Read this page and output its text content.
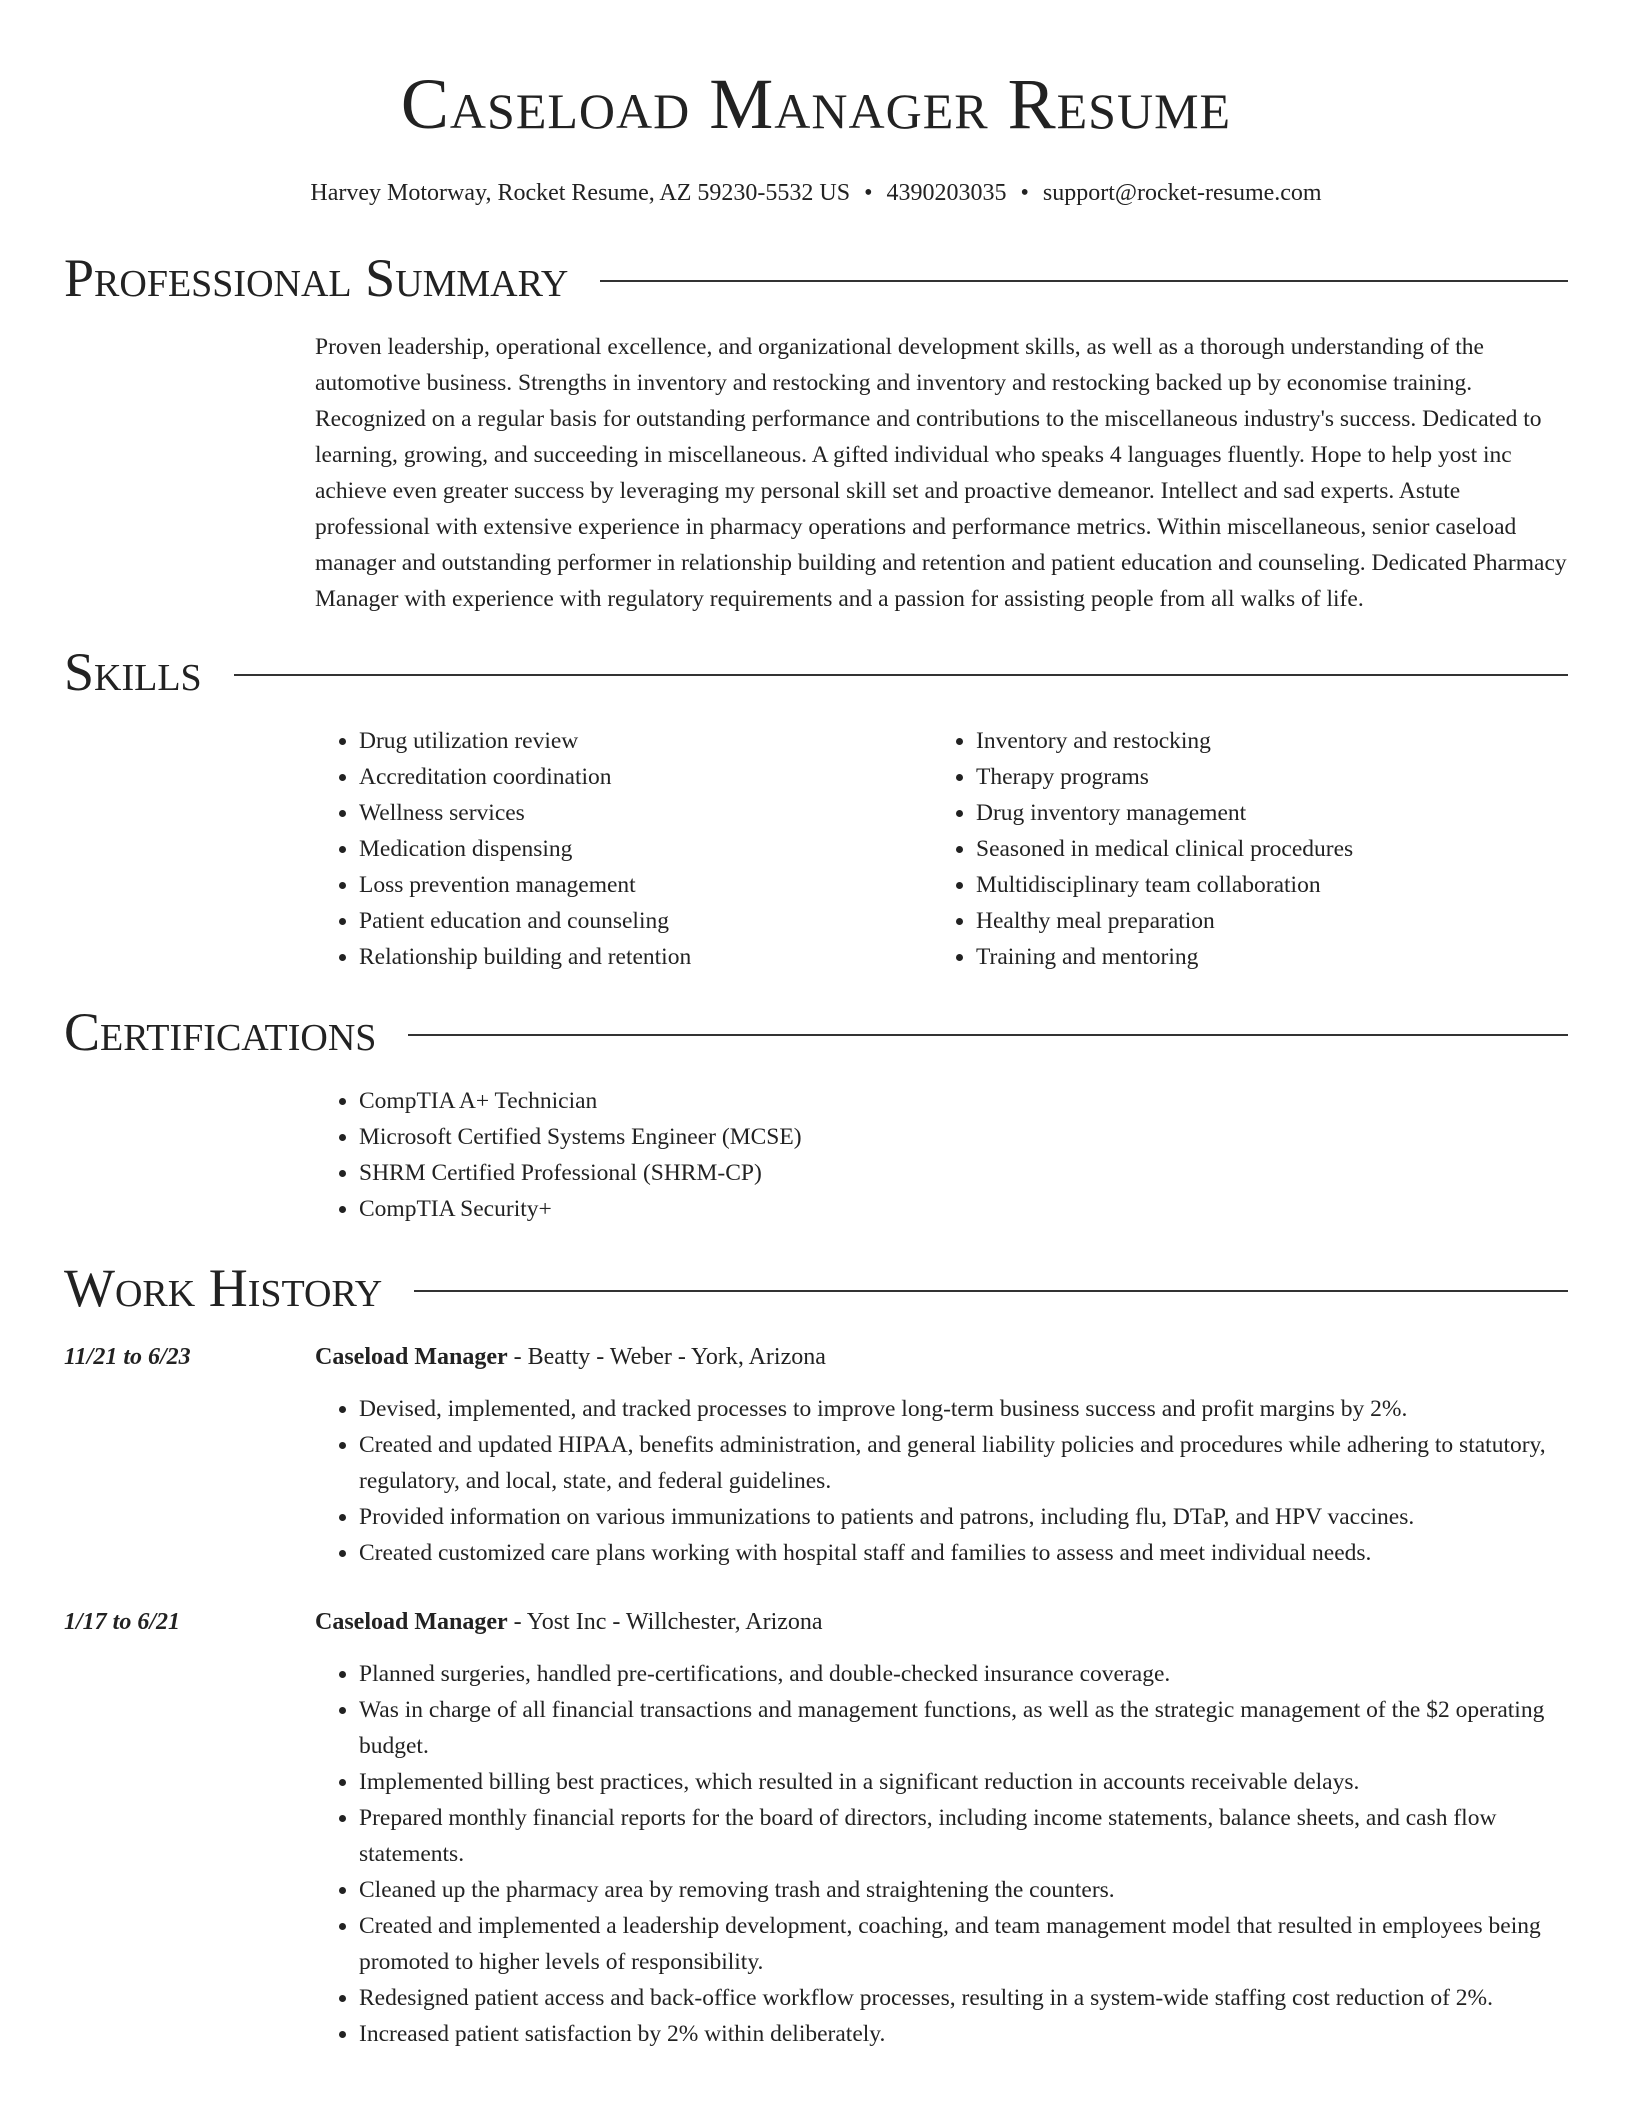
Caseload Manager Resume
Harvey Motorway, Rocket Resume, AZ 59230-5532 US • 4390203035 • support@rocket-resume.com
Professional Summary

Proven leadership, operational excellence, and organizational development skills, as well as a thorough understanding of the automotive business. Strengths in inventory and restocking and inventory and restocking backed up by economise training. Recognized on a regular basis for outstanding performance and contributions to the miscellaneous industry's success. Dedicated to learning, growing, and succeeding in miscellaneous. A gifted individual who speaks 4 languages fluently. Hope to help yost inc achieve even greater success by leveraging my personal skill set and proactive demeanor. Intellect and sad experts. Astute professional with extensive experience in pharmacy operations and performance metrics. Within miscellaneous, senior caseload manager and outstanding performer in relationship building and retention and patient education and counseling. Dedicated Pharmacy Manager with experience with regulatory requirements and a passion for assisting people from all walks of life.

Skills
• Drug utilization review
• Accreditation coordination
• Wellness services
• Medication dispensing
• Loss prevention management
• Patient education and counseling
• Relationship building and retention
• Inventory and restocking
• Therapy programs
• Drug inventory management
• Seasoned in medical clinical procedures
• Multidisciplinary team collaboration
• Healthy meal preparation
• Training and mentoring
Certifications
• CompTIA A+ Technician
• Microsoft Certified Systems Engineer (MCSE)
• SHRM Certified Professional (SHRM-CP)
• CompTIA Security+
Work History
11/21 to 6/23	Caseload Manager - Beatty - Weber - York, Arizona

• Devised, implemented, and tracked processes to improve long-term business success and profit margins by 2%.
• Created and updated HIPAA, benefits administration, and general liability policies and procedures while adhering to statutory, regulatory, and local, state, and federal guidelines.
• Provided information on various immunizations to patients and patrons, including flu, DTaP, and HPV vaccines.
• Created customized care plans working with hospital staff and families to assess and meet individual needs.
1/17 to 6/21	Caseload Manager - Yost Inc - Willchester, Arizona

• Planned surgeries, handled pre-certifications, and double-checked insurance coverage.
• Was in charge of all financial transactions and management functions, as well as the strategic management of the $2 operating budget.
• Implemented billing best practices, which resulted in a significant reduction in accounts receivable delays.
• Prepared monthly financial reports for the board of directors, including income statements, balance sheets, and cash flow statements.
• Cleaned up the pharmacy area by removing trash and straightening the counters.
• Created and implemented a leadership development, coaching, and team management model that resulted in employees being promoted to higher levels of responsibility.
• Redesigned patient access and back-office workflow processes, resulting in a system-wide staffing cost reduction of 2%.
• Increased patient satisfaction by 2% within deliberately.
